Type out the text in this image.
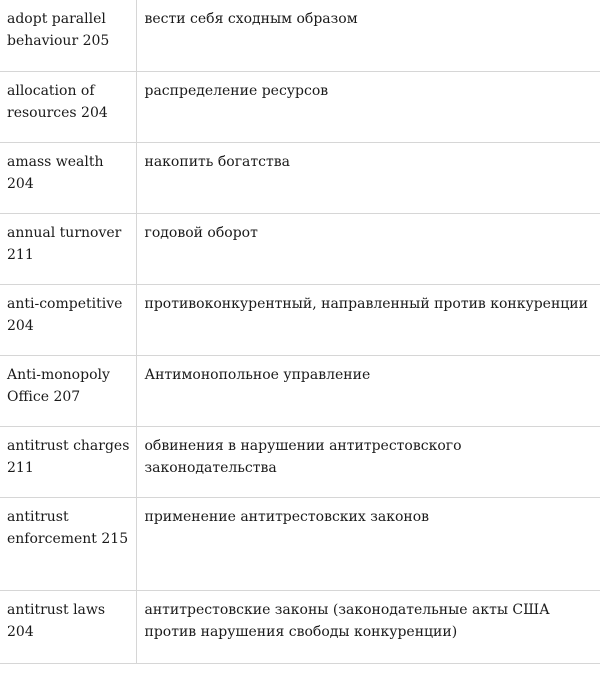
adopt parallel behaviour 205	вести себя сходным образом
allocation of resources 204	распределение ресурсов
amass wealth 204	накопить богатства
annual turnover 211	годовой оборот
anti-competitive 204	противоконкурентный, направленный против конкуренции
Anti-monopoly Office 207	Антимонопольное управление
antitrust charges 211	обвинения в нарушении антитрестовского законодательства
antitrust enforcement 215	применение антитрестовских законов
antitrust laws 204	антитрестовские законы (законодательные акты США против нарушения свободы конкуренции)
